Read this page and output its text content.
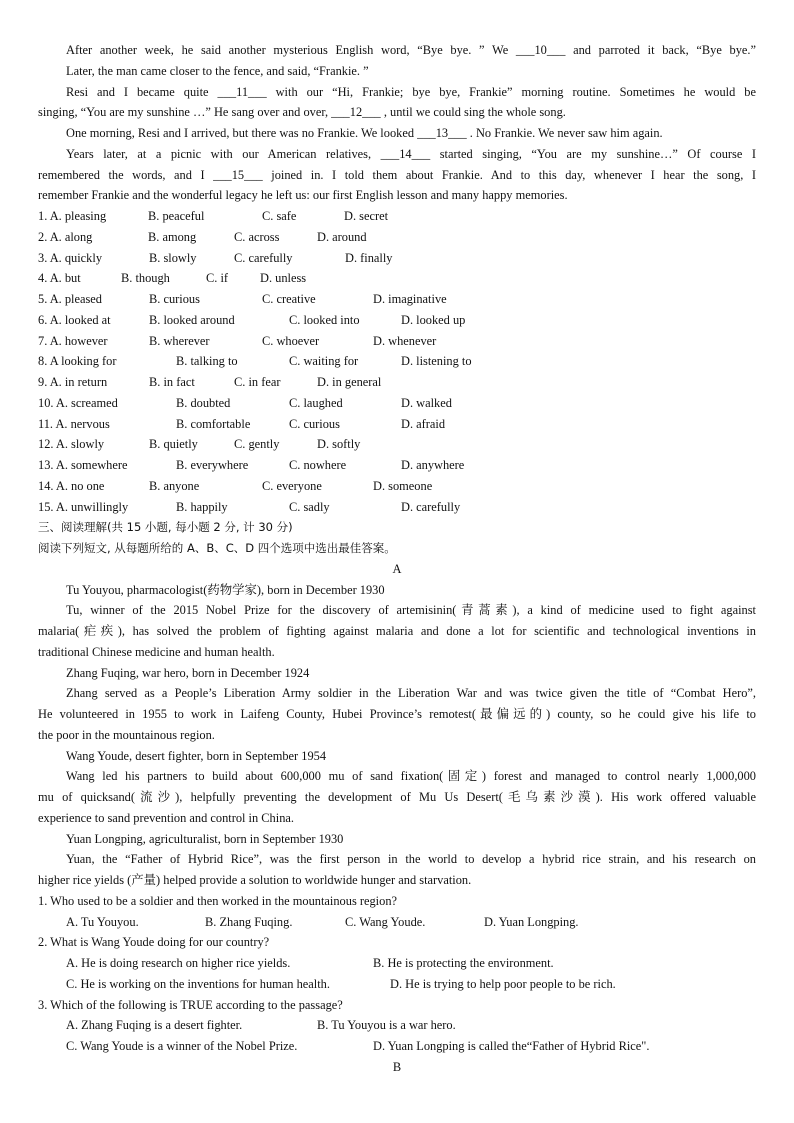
After another week, he said another mysterious English word, “Bye bye. ” We ___10___ and parroted it back, “Bye bye.”
Later, the man came closer to the fence, and said, “Frankie. ”
Resi and I became quite ___11___ with our “Hi, Frankie; bye bye, Frankie” morning routine. Sometimes he would be
singing, “You are my sunshine …” He sang over and over, ___12___ , until we could sing the whole song.
One morning, Resi and I arrived, but there was no Frankie. We looked ___13___ . No Frankie. We never saw him again.
Years later, at a picnic with our American relatives, ___14___ started singing, “You are my sunshine…” Of course I
remembered the words, and I ___15___ joined in. I told them about Frankie. And to this day, whenever I hear the song, I
remember Frankie and the wonderful legacy he left us: our first English lesson and many happy memories.
1. A. pleasing	B. peaceful	C. safe	D. secret
2. A. along	B. among	C. across	D. around
3. A. quickly	B. slowly	C. carefully	D. finally
4. A. but	B. though	C. if	D. unless
5. A. pleased	B. curious	C. creative	D. imaginative
6. A. looked at	B. looked around	C. looked into	D. looked up
7. A. however	B. wherever	C. whoever	D. whenever
8. A looking for	B. talking to	C. waiting for	D. listening to
9. A. in return	B. in fact	C. in fear	D. in general
10. A. screamed	B. doubted	C. laughed	D. walked
11. A. nervous	B. comfortable	C. curious	D. afraid
12. A. slowly	B. quietly	C. gently	D. softly
13. A. somewhere	B. everywhere	C. nowhere	D. anywhere
14. A. no one	B. anyone	C. everyone	D. someone
15. A. unwillingly	B. happily	C. sadly	D. carefully
三、阅读理解(共 15 小题, 每小题 2 分, 计 30 分)
阅读下列短文, 从每题所给的 A、B、C、D 四个选项中选出最佳答案。
A
Tu Youyou, pharmacologist(药物学家), born in December 1930
Tu, winner of the 2015 Nobel Prize for the discovery of artemisinin(青蒿素), a kind of medicine used to fight against
malaria(疟疾), has solved the problem of fighting against malaria and done a lot for scientific and technological inventions in
traditional Chinese medicine and human health.
Zhang Fuqing, war hero, born in December 1924
Zhang served as a People’s Liberation Army soldier in the Liberation War and was twice given the title of “Combat Hero”,
He volunteered in 1955 to work in Laifeng County, Hubei Province’s remotest(最偏远的) county, so he could give his life to
the poor in the mountainous region.
Wang Youde, desert fighter, born in September 1954
Wang led his partners to build about 600,000 mu of sand fixation(固定) forest and managed to control nearly 1,000,000
mu of quicksand(流沙), helpfully preventing the development of Mu Us Desert(毛乌素沙漠). His work offered valuable
experience to sand prevention and control in China.
Yuan Longping, agriculturalist, born in September 1930
Yuan, the “Father of Hybrid Rice”, was the first person in the world to develop a hybrid rice strain, and his research on
higher rice yields (产量) helped provide a solution to worldwide hunger and starvation.
1. Who used to be a soldier and then worked in the mountainous region?
A. Tu Youyou.	B. Zhang Fuqing.	C. Wang Youde.	D. Yuan Longping.
2. What is Wang Youde doing for our country?
A. He is doing research on higher rice yields.	B. He is protecting the environment.
C. He is working on the inventions for human health.	D. He is trying to help poor people to be rich.
3. Which of the following is TRUE according to the passage?
A. Zhang Fuqing is a desert fighter.	B. Tu Youyou is a war hero.
C. Wang Youde is a winner of the Nobel Prize.	D. Yuan Longping is called the“Father of Hybrid Rice".
B
